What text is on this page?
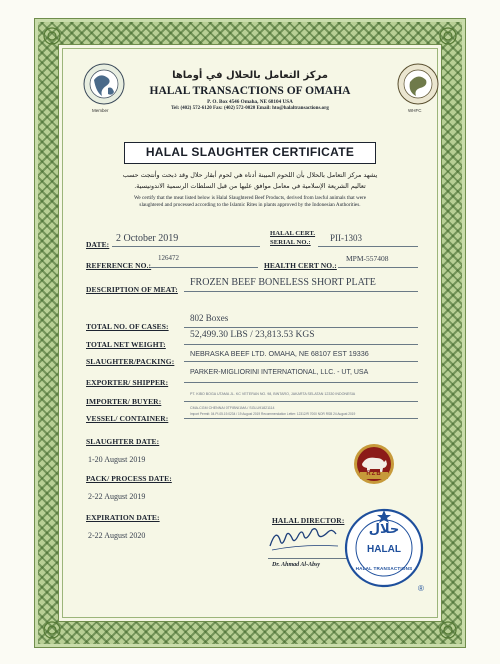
Member	WHFC
مركز التعامل بالحلال في أوماها
HALAL TRANSACTIONS OF OMAHA
P. O. Box 4546 Omaha, NE 68104 USA
Tel: (402) 572-6120 Fax: (402) 572-0020 Email: hto@halaltransactions.org
HALAL SLAUGHTER CERTIFICATE
يشهد مركز التعامل بالحلال بأن اللحوم المبينة أدناه هي لحوم أبقار حلال وقد ذبحت وأنتجت حسب
تعاليم الشريعة الإسلامية في معامل موافق عليها من قبل السلطات الرسمية الاندونيسية.
We certify that the meat listed below is Halal Slaughtered Beef Products, derived from lawful animals that were
slaughtered and processed according to the Islamic Rites in plants approved by the Indonesian Authorities.
DATE:
2 October 2019	HALAL CERT.
SERIAL NO.: PII-1303
REFERENCE NO.:
126472
HEALTH CERT NO.:
MPM-557408
DESCRIPTION OF MEAT:
FROZEN BEEF BONELESS SHORT PLATE
TOTAL NO. OF CASES:
802 Boxes
TOTAL NET WEIGHT:
52,499.30 LBS / 23,813.53 KGS
SLAUGHTER/PACKING:
NEBRASKA BEEF LTD. OMAHA, NE 68107 EST 19336
EXPORTER/ SHIPPER:
PARKER-MIGLIORINI INTERNATIONAL, LLC. - UT, USA
IMPORTER/ BUYER:
PT. KIBO BOGA UTAMA JL. KC VETERAN NO. 98, BINTARO, JAKARTA SELATAN 12330 INDONESIA
VESSEL/ CONTAINER:
CMA-CGM CHENNAI 0TFIBNI1MA / SGLU91821114
Import Permit: 04.PI-05.19.0234 / 19 August 2019 Recommendation Letter: 12312/R 7000 NOR RSB 24 August 2019
SLAUGHTER DATE:
1-20 August 2019
PACK/ PROCESS DATE:
2-22 August 2019
EXPIRATION DATE:
2-22 August 2020
RZB
HALAL DIRECTOR:
Dr. Ahmad Al-Absy
حلال
HALAL
HALAL TRANSACTIONS
®
